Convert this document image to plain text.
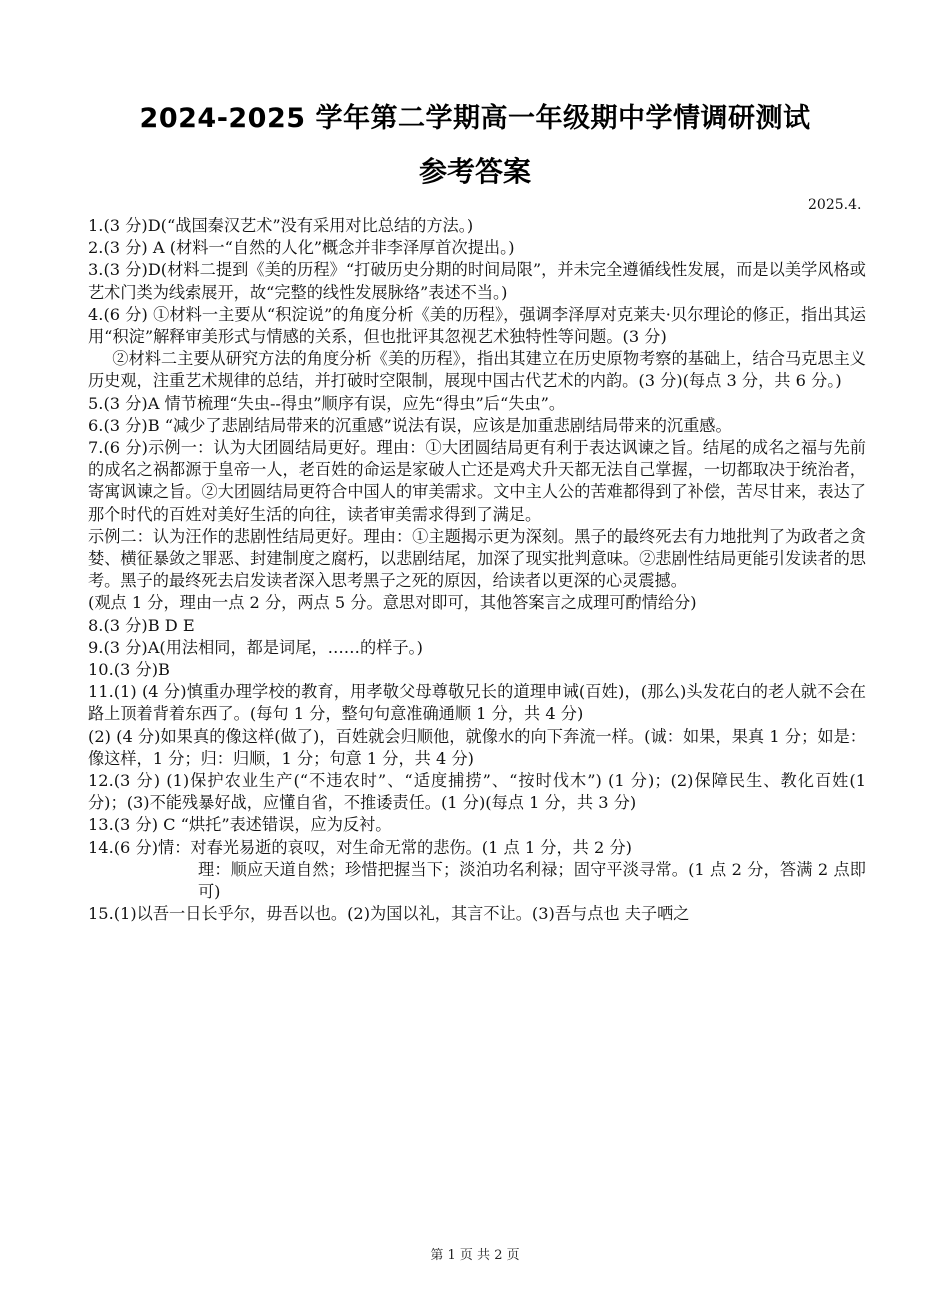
2024-2025 学年第二学期高一年级期中学情调研测试
参考答案
2025.4.

1.(3 分)D(“战国秦汉艺术”没有采用对比总结的方法。)

2.(3 分) A (材料一“自然的人化”概念并非李泽厚首次提出。)

3.(3 分)D(材料二提到《美的历程》“打破历史分期的时间局限”，并未完全遵循线性发展，而是以美学风格或艺术门类为线索展开，故“完整的线性发展脉络”表述不当。)

4.(6 分) ①材料一主要从“积淀说”的角度分析《美的历程》，强调李泽厚对克莱夫·贝尔理论的修正，指出其运用“积淀”解释审美形式与情感的关系，但也批评其忽视艺术独特性等问题。(3 分)

②材料二主要从研究方法的角度分析《美的历程》，指出其建立在历史原物考察的基础上，结合马克思主义历史观，注重艺术规律的总结，并打破时空限制，展现中国古代艺术的内韵。(3 分)(每点 3 分，共 6 分。)

5.(3 分)A 情节梳理“失虫--得虫”顺序有误，应先“得虫”后“失虫”。

6.(3 分)B “减少了悲剧结局带来的沉重感”说法有误，应该是加重悲剧结局带来的沉重感。

7.(6 分)示例一：认为大团圆结局更好。理由：①大团圆结局更有利于表达讽谏之旨。结尾的成名之福与先前的成名之祸都源于皇帝一人，老百姓的命运是家破人亡还是鸡犬升天都无法自己掌握，一切都取决于统治者，寄寓讽谏之旨。②大团圆结局更符合中国人的审美需求。文中主人公的苦难都得到了补偿，苦尽甘来，表达了那个时代的百姓对美好生活的向往，读者审美需求得到了满足。

示例二：认为汪作的悲剧性结局更好。理由：①主题揭示更为深刻。黑子的最终死去有力地批判了为政者之贪婪、横征暴敛之罪恶、封建制度之腐朽，以悲剧结尾，加深了现实批判意味。②悲剧性结局更能引发读者的思考。黑子的最终死去启发读者深入思考黑子之死的原因，给读者以更深的心灵震撼。

(观点 1 分，理由一点 2 分，两点 5 分。意思对即可，其他答案言之成理可酌情给分)

8.(3 分)B D E

9.(3 分)A(用法相同，都是词尾，……的样子。)

10.(3 分)B

11.(1) (4 分)慎重办理学校的教育，用孝敬父母尊敬兄长的道理申诫(百姓)，(那么)头发花白的老人就不会在路上顶着背着东西了。(每句 1 分，整句句意准确通顺 1 分，共 4 分)

(2) (4 分)如果真的像这样(做了)，百姓就会归顺他，就像水的向下奔流一样。(诚：如果，果真 1 分；如是：像这样，1 分；归：归顺，1 分；句意 1 分，共 4 分)

12.(3 分) (1)保护农业生产(“不违农时”、“适度捕捞”、“按时伐木”) (1 分)；(2)保障民生、教化百姓(1 分)；(3)不能残暴好战，应懂自省，不推诿责任。(1 分)(每点 1 分，共 3 分)

13.(3 分) C “烘托”表述错误，应为反衬。

14.(6 分)情：对春光易逝的哀叹，对生命无常的悲伤。(1 点 1 分，共 2 分)

理：顺应天道自然；珍惜把握当下；淡泊功名利禄；固守平淡寻常。(1 点 2 分，答满 2 点即可)

15.(1)以吾一日长乎尔，毋吾以也。(2)为国以礼，其言不让。(3)吾与点也 夫子哂之

第 1 页 共 2 页
